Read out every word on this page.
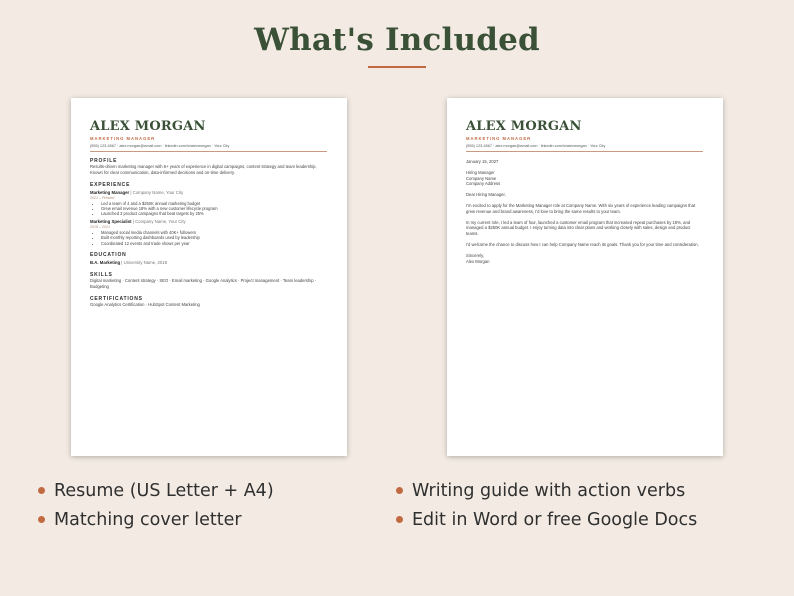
What's Included
ALEX MORGAN
MARKETING MANAGER
(555) 123-4567 · alex.morgan@email.com · linkedin.com/in/alexmorgan · Your City
PROFILE
Results-driven marketing manager with 6+ years of experience in digital campaigns, content strategy and team leadership. Known for clear communication, data-informed decisions and on-time delivery.
EXPERIENCE
Marketing Manager | Company Name, Your City
2021 – Present
• Led a team of 4 and a $250K annual marketing budget
• Grew email revenue 18% with a new customer lifecycle program
• Launched 3 product campaigns that beat targets by 25%
Marketing Specialist | Company Name, Your City
2018 – 2021
• Managed social media channels with 40K+ followers
• Built monthly reporting dashboards used by leadership
• Coordinated 12 events and trade shows per year
EDUCATION
B.A. Marketing | University Name, 2018
SKILLS
Digital marketing · Content strategy · SEO · Email marketing · Google Analytics · Project management · Team leadership · Budgeting
CERTIFICATIONS
Google Analytics Certification · HubSpot Content Marketing
ALEX MORGAN
MARKETING MANAGER
(555) 123-4567 · alex.morgan@email.com · linkedin.com/in/alexmorgan · Your City
January 15, 2027
Hiring Manager
Company Name
Company Address
Dear Hiring Manager,
I'm excited to apply for the Marketing Manager role at Company Name. With six years of experience leading campaigns that grew revenue and brand awareness, I'd love to bring the same results to your team.
In my current role, I led a team of four, launched a customer email program that increased repeat purchases by 18%, and managed a $250K annual budget. I enjoy turning data into clear plans and working closely with sales, design and product teams.
I'd welcome the chance to discuss how I can help Company Name reach its goals. Thank you for your time and consideration.
Sincerely,
Alex Morgan
Resume (US Letter + A4)
Matching cover letter
Writing guide with action verbs
Edit in Word or free Google Docs
